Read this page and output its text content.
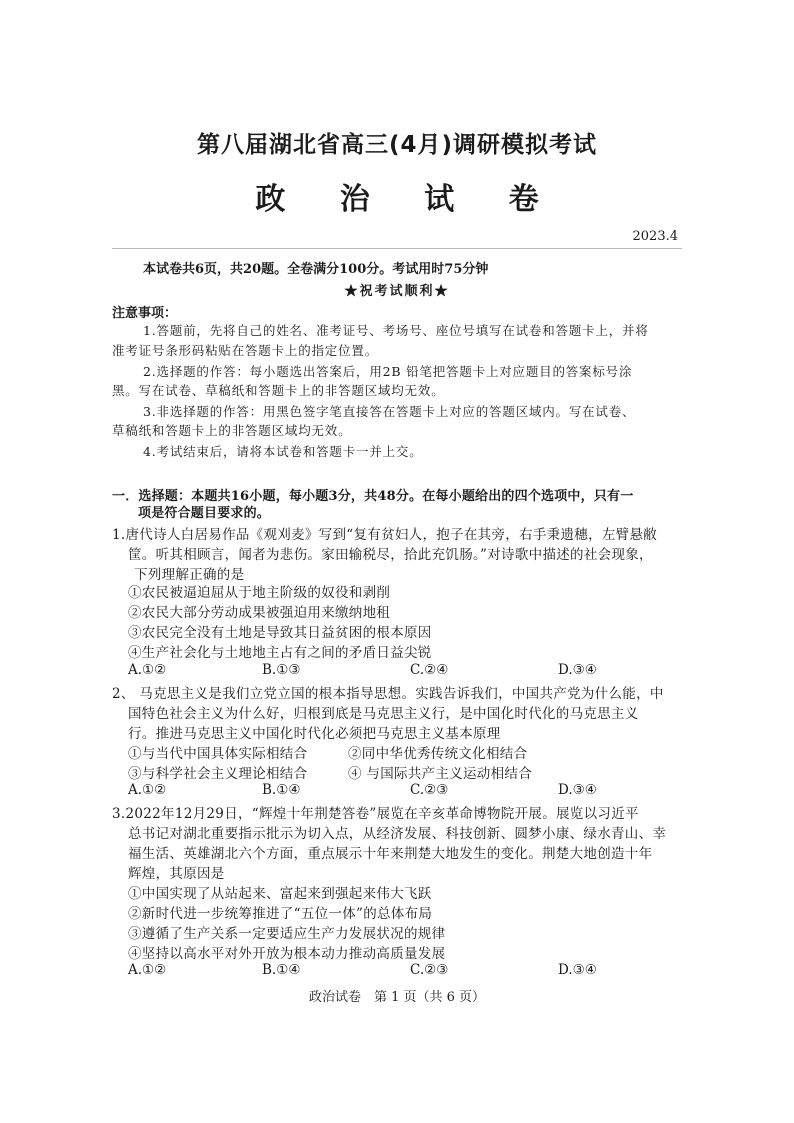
第八届湖北省高三(4月)调研模拟考试
政 治 试 卷
2023.4
本试卷共6页，共20题。全卷满分100分。考试用时75分钟
★祝考试顺利★
注意事项：
1.答题前，先将自己的姓名、准考证号、考场号、座位号填写在试卷和答题卡上，并将
准考证号条形码粘贴在答题卡上的指定位置。
2.选择题的作答：每小题选出答案后，用2B 铅笔把答题卡上对应题目的答案标号涂
黑。写在试卷、草稿纸和答题卡上的非答题区域均无效。
3.非选择题的作答：用黑色签字笔直接答在答题卡上对应的答题区域内。写在试卷、
草稿纸和答题卡上的非答题区域均无效。
4.考试结束后，请将本试卷和答题卡一并上交。
一．选择题：本题共16小题，每小题3分，共48分。在每小题给出的四个选项中，只有一
项是符合题目要求的。
1.唐代诗人白居易作品《观刈麦》写到“复有贫妇人，抱子在其旁，右手秉遗穗，左臂悬敝
筐。听其相顾言，闻者为悲伤。家田输税尽，拾此充饥肠。”对诗歌中描述的社会现象，
下列理解正确的是
①农民被逼迫屈从于地主阶级的奴役和剥削
②农民大部分劳动成果被强迫用来缴纳地租
③农民完全没有土地是导致其日益贫困的根本原因
④生产社会化与土地地主占有之间的矛盾日益尖锐
A.①②	B.①③	C.②④	D.③④
2、 马克思主义是我们立党立国的根本指导思想。实践告诉我们，中国共产党为什么能，中
国特色社会主义为什么好，归根到底是马克思主义行，是中国化时代化的马克思主义
行。推进马克思主义中国化时代化必须把马克思主义基本原理
①与当代中国具体实际相结合	②同中华优秀传统文化相结合
③与科学社会主义理论相结合	④ 与国际共产主义运动相结合
A.①②	B.①④	C.②③	D.③④
3.2022年12月29日，“辉煌十年荆楚答卷”展览在辛亥革命博物院开展。展览以习近平
总书记对湖北重要指示批示为切入点，从经济发展、科技创新、圆梦小康、绿水青山、幸
福生活、英雄湖北六个方面，重点展示十年来荆楚大地发生的变化。荆楚大地创造十年
辉煌，其原因是
①中国实现了从站起来、富起来到强起来伟大飞跃
②新时代进一步统筹推进了“五位一体”的总体布局
③遵循了生产关系一定要适应生产力发展状况的规律
④坚持以高水平对外开放为根本动力推动高质量发展
A.①②	B.①④	C.②③	D.③④
政治试卷　第 1 页（共 6 页）
